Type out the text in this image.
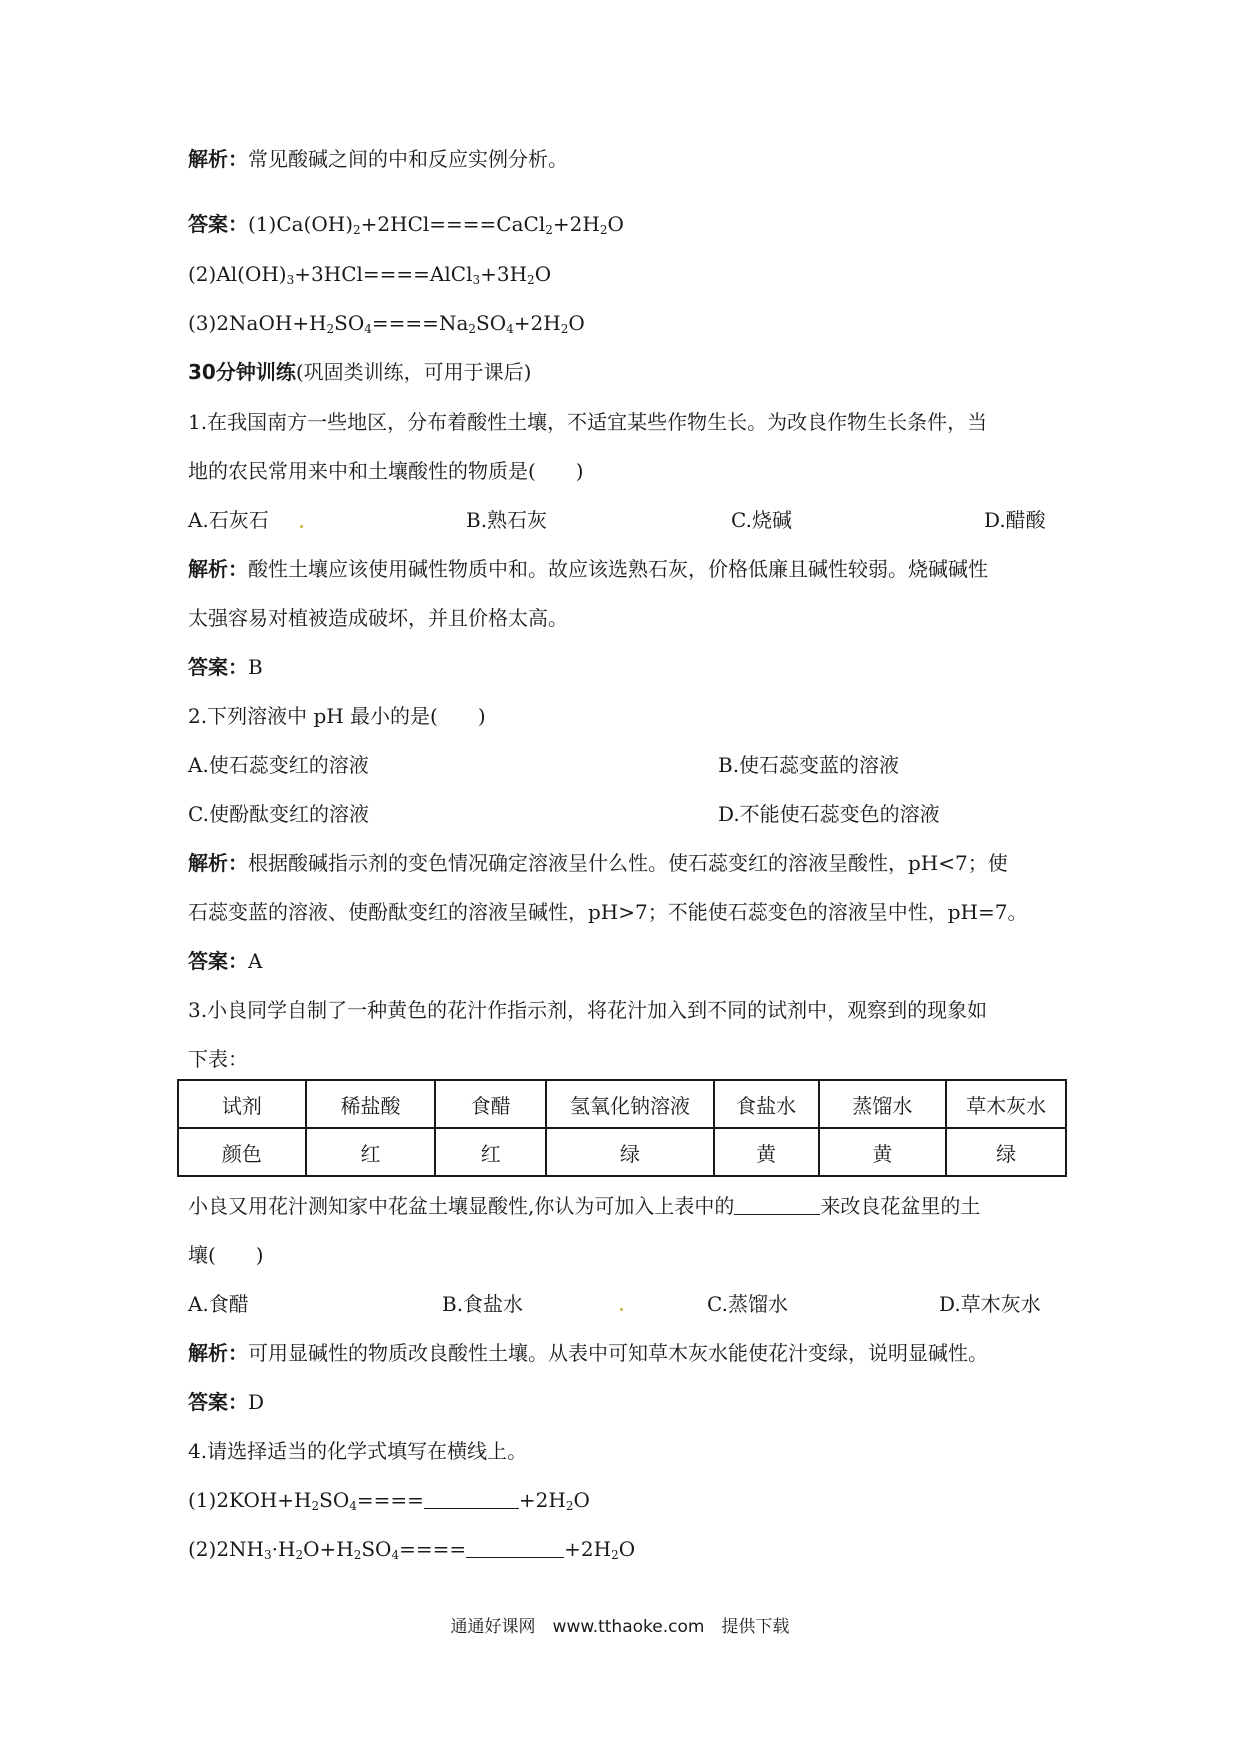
解析：常见酸碱之间的中和反应实例分析。
答案：$(1)Ca(OH)_2+2HCl====CaCl_2+2H_2O$
$(2)Al(OH)_3+3HCl====AlCl_3+3H_2O$
$(3)2NaOH+H_2SO_4====Na_2SO_4+2H_2O$
30分钟训练(巩固类训练，可用于课后)
1.在我国南方一些地区，分布着酸性土壤，不适宜某些作物生长。为改良作物生长条件，当
地的农民常用来中和土壤酸性的物质是(　　)
A.石灰石	B.熟石灰	C.烧碱	D.醋酸
解析：酸性土壤应该使用碱性物质中和。故应该选熟石灰，价格低廉且碱性较弱。烧碱碱性
太强容易对植被造成破坏，并且价格太高。
答案：B
2.下列溶液中 pH 最小的是(　　)
A.使石蕊变红的溶液	B.使石蕊变蓝的溶液
C.使酚酞变红的溶液	D.不能使石蕊变色的溶液
解析：根据酸碱指示剂的变色情况确定溶液呈什么性。使石蕊变红的溶液呈酸性，pH<7；使
石蕊变蓝的溶液、使酚酞变红的溶液呈碱性，pH>7；不能使石蕊变色的溶液呈中性，pH=7。
答案：A
3.小良同学自制了一种黄色的花汁作指示剂，将花汁加入到不同的试剂中，观察到的现象如
下表：
试剂	稀盐酸	食醋	氢氧化钠溶液	食盐水	蒸馏水	草木灰水
颜色	红	红	绿	黄	黄	绿
小良又用花汁测知家中花盆土壤显酸性,你认为可加入上表中的	来改良花盆里的土
壤(　　)
A.食醋	B.食盐水	C.蒸馏水	D.草木灰水
解析：可用显碱性的物质改良酸性土壤。从表中可知草木灰水能使花汁变绿，说明显碱性。
答案：D
4.请选择适当的化学式填写在横线上。
$(1)2KOH+H_2SO_4====$	$+2H_2O$
$(2)2NH_3\cdot H_2O+H_2SO_4====$	$+2H_2O$
通通好课网　www.tthaoke.com　提供下载
